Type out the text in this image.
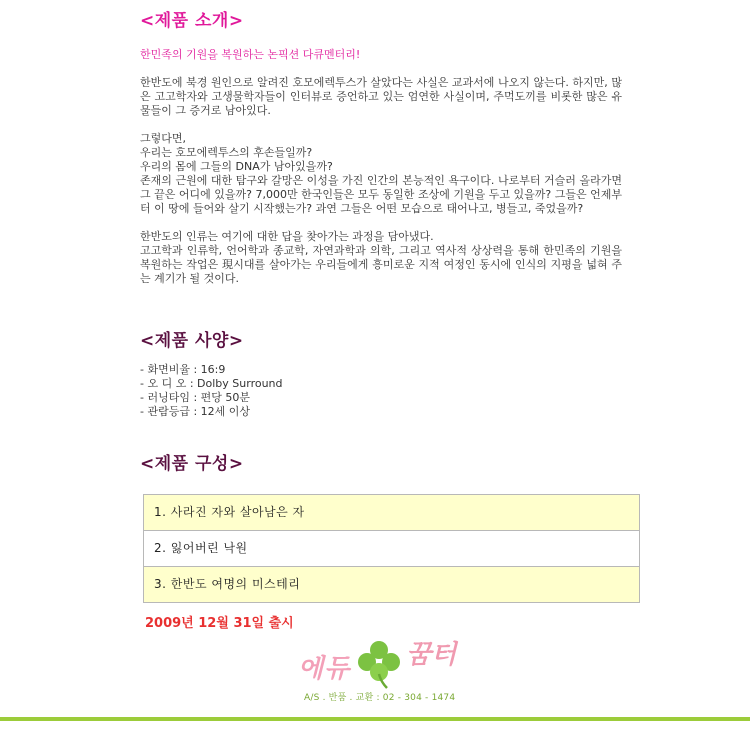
<제품 소개>
한민족의 기원을 복원하는 논픽션 다큐멘터리!

한반도에 북경 원인으로 알려진 호모에렉투스가 살았다는 사실은 교과서에 나오지 않는다. 하지만, 많은 고고학자와 고생물학자들이 인터뷰로 증언하고 있는 엄연한 사실이며, 주먹도끼를 비롯한 많은 유물들이 그 증거로 남아있다.

그렇다면,
우리는 호모에렉투스의 후손들일까?
우리의 몸에 그들의 DNA가 남아있을까?
존재의 근원에 대한 탐구와 갈망은 이성을 가진 인간의 본능적인 욕구이다. 나로부터 거슬러 올라가면 그 끝은 어디에 있을까? 7,000만 한국인들은 모두 동일한 조상에 기원을 두고 있을까? 그들은 언제부터 이 땅에 들어와 살기 시작했는가? 과연 그들은 어떤 모습으로 태어나고, 병들고, 죽었을까?

한반도의 인류는 여기에 대한 답을 찾아가는 과정을 담아냈다.
고고학과 인류학, 언어학과 종교학, 자연과학과 의학, 그리고 역사적 상상력을 통해 한민족의 기원을 복원하는 작업은 現시대를 살아가는 우리들에게 흥미로운 지적 여정인 동시에 인식의 지평을 넓혀 주는 계기가 될 것이다.

<제품 사양>
- 화면비율 : 16:9
- 오 디 오 : Dolby Surround
- 러닝타임 : 편당 50분
- 관람등급 : 12세 이상
<제품 구성>
1. 사라진 자와 살아남은 자
2. 잃어버린 낙원
3. 한반도 여명의 미스테리
2009년 12월 31일 출시
에듀 꿈터
A/S . 반품 . 교환 : 02 - 304 - 1474
